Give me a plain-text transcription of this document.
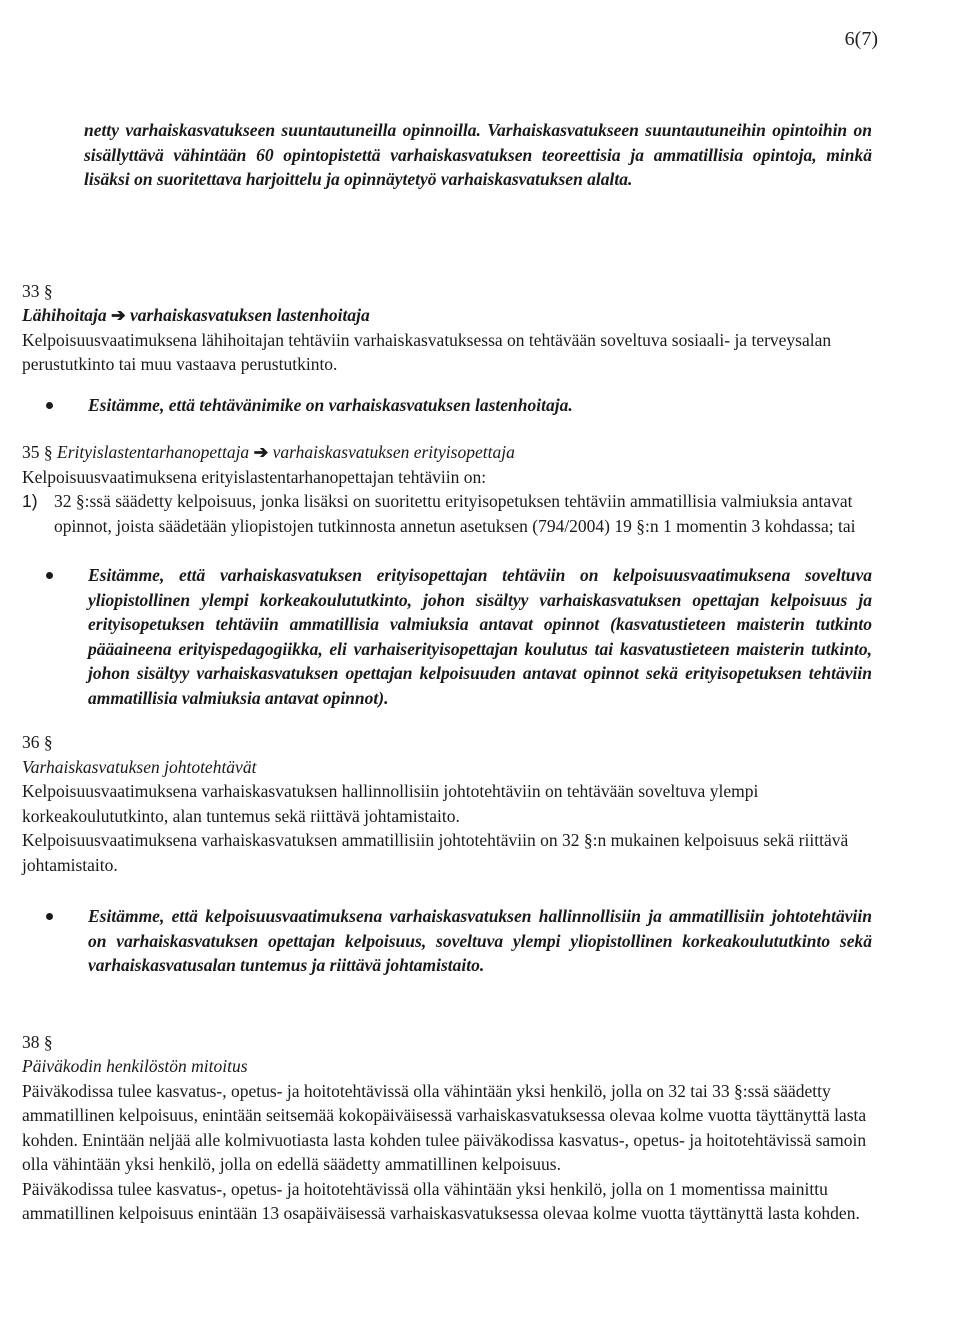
6(7)

netty varhaiskasvatukseen suuntautuneilla opinnoilla. Varhaiskasvatukseen suuntautuneihin opintoihin on sisällyttävä vähintään 60 opintopistettä varhaiskasvatuksen teoreettisia ja ammatillisia opintoja, minkä lisäksi on suoritettava harjoittelu ja opinnäytetyö varhaiskasvatuksen alalta.

33 §
Lähihoitaja ➔ varhaiskasvatuksen lastenhoitaja

Kelpoisuusvaatimuksena lähihoitajan tehtäviin varhaiskasvatuksessa on tehtävään soveltuva sosiaali- ja terveysalan perustutkinto tai muu vastaava perustutkinto.

Esitämme, että tehtävänimike on varhaiskasvatuksen lastenhoitaja.

35 § Erityislastentarhanopettaja ➔ varhaiskasvatuksen erityisopettaja

Kelpoisuusvaatimuksena erityislastentarhanopettajan tehtäviin on:

1) 32 §:ssä säädetty kelpoisuus, jonka lisäksi on suoritettu erityisopetuksen tehtäviin ammatillisia valmiuksia antavat opinnot, joista säädetään yliopistojen tutkinnosta annetun asetuksen (794/2004) 19 §:n 1 momentin 3 kohdassa; tai

Esitämme, että varhaiskasvatuksen erityisopettajan tehtäviin on kelpoisuusvaatimuksena soveltuva yliopistollinen ylempi korkeakoulututkinto, johon sisältyy varhaiskasvatuksen opettajan kelpoisuus ja erityisopetuksen tehtäviin ammatillisia valmiuksia antavat opinnot (kasvatustieteen maisterin tutkinto pääaineena erityispedagogiikka, eli varhaiserityisopettajan koulutus tai kasvatustieteen maisterin tutkinto, johon sisältyy varhaiskasvatuksen opettajan kelpoisuuden antavat opinnot sekä erityisopetuksen tehtäviin ammatillisia valmiuksia antavat opinnot).

36 §
Varhaiskasvatuksen johtotehtävät

Kelpoisuusvaatimuksena varhaiskasvatuksen hallinnollisiin johtotehtäviin on tehtävään soveltuva ylempi korkeakoulututkinto, alan tuntemus sekä riittävä johtamistaito.

Kelpoisuusvaatimuksena varhaiskasvatuksen ammatillisiin johtotehtäviin on 32 §:n mukainen kelpoisuus sekä riittävä johtamistaito.

Esitämme, että kelpoisuusvaatimuksena varhaiskasvatuksen hallinnollisiin ja ammatillisiin johtotehtäviin on varhaiskasvatuksen opettajan kelpoisuus, soveltuva ylempi yliopistollinen korkeakoulututkinto sekä varhaiskasvatusalan tuntemus ja riittävä johtamistaito.

38 §
Päiväkodin henkilöstön mitoitus

Päiväkodissa tulee kasvatus-, opetus- ja hoitotehtävissä olla vähintään yksi henkilö, jolla on 32 tai 33 §:ssä säädetty ammatillinen kelpoisuus, enintään seitsemää kokopäiväisessä varhaiskasvatuksessa olevaa kolme vuotta täyttänyttä lasta kohden. Enintään neljää alle kolmivuotiasta lasta kohden tulee päiväkodissa kasvatus-, opetus- ja hoitotehtävissä samoin olla vähintään yksi henkilö, jolla on edellä säädetty ammatillinen kelpoisuus.

Päiväkodissa tulee kasvatus-, opetus- ja hoitotehtävissä olla vähintään yksi henkilö, jolla on 1 momentissa mainittu ammatillinen kelpoisuus enintään 13 osapäiväisessä varhaiskasvatuksessa olevaa kolme vuotta täyttänyttä lasta kohden.
